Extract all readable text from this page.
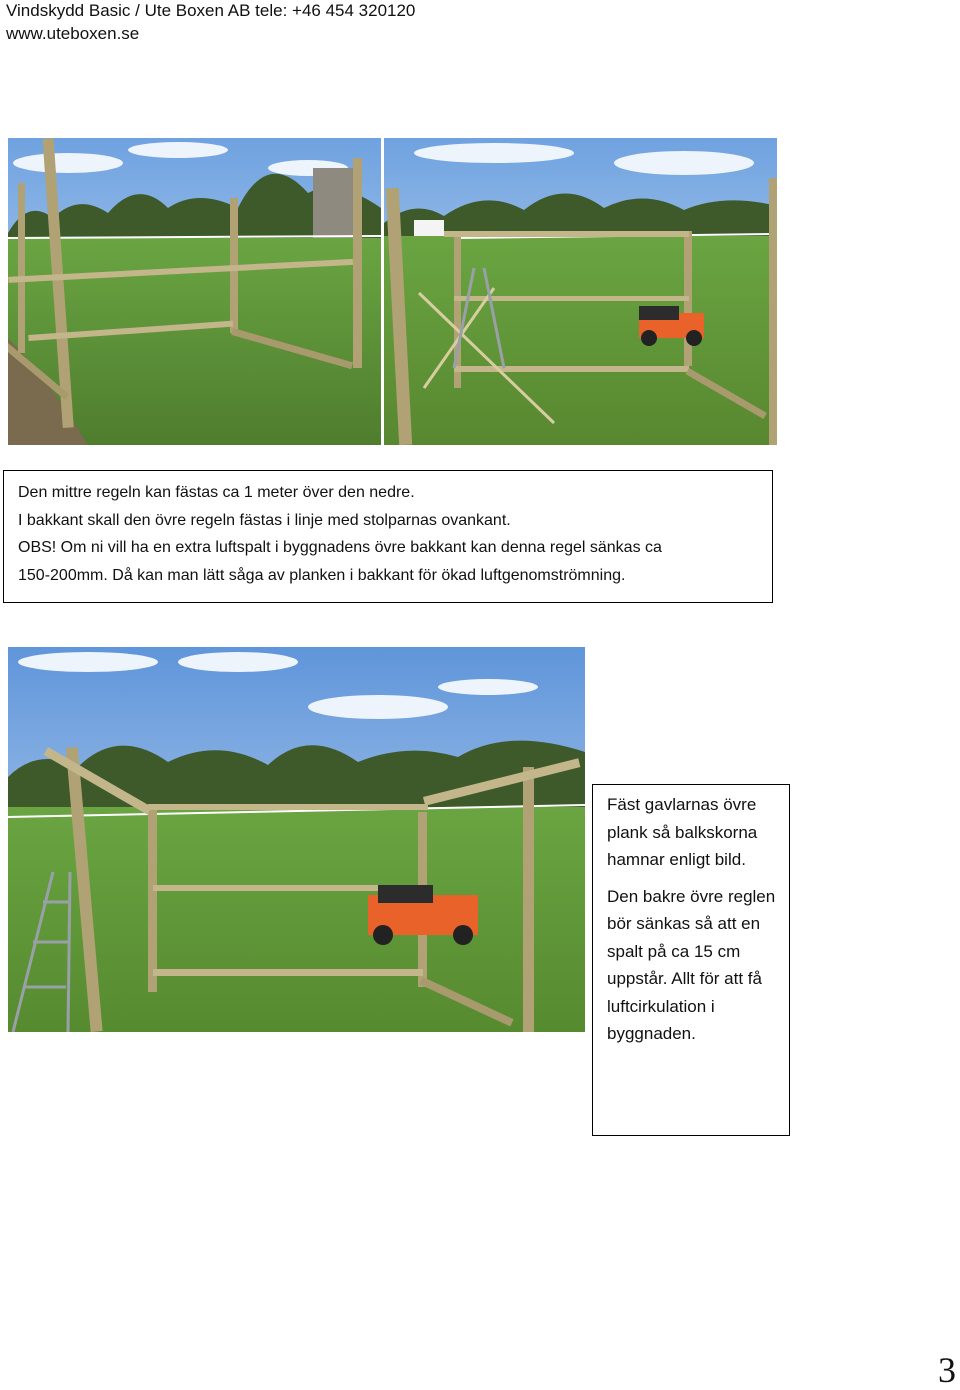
Vindskydd Basic / Ute Boxen AB tele: +46 454 320120
www.uteboxen.se

Den mittre regeln kan fästas ca 1 meter över den nedre.

I bakkant skall den övre regeln fästas i linje med stolparnas ovankant.

OBS! Om ni vill ha en extra luftspalt i byggnadens övre bakkant kan denna regel sänkas ca

150-200mm. Då kan man lätt såga av planken i bakkant för ökad luftgenomströmning.

Fäst gavlarnas övre plank så balkskorna hamnar enligt bild.

Den bakre övre reglen bör sänkas så att en spalt på ca 15 cm uppstår. Allt för att få luftcirkulation i byggnaden.

3
